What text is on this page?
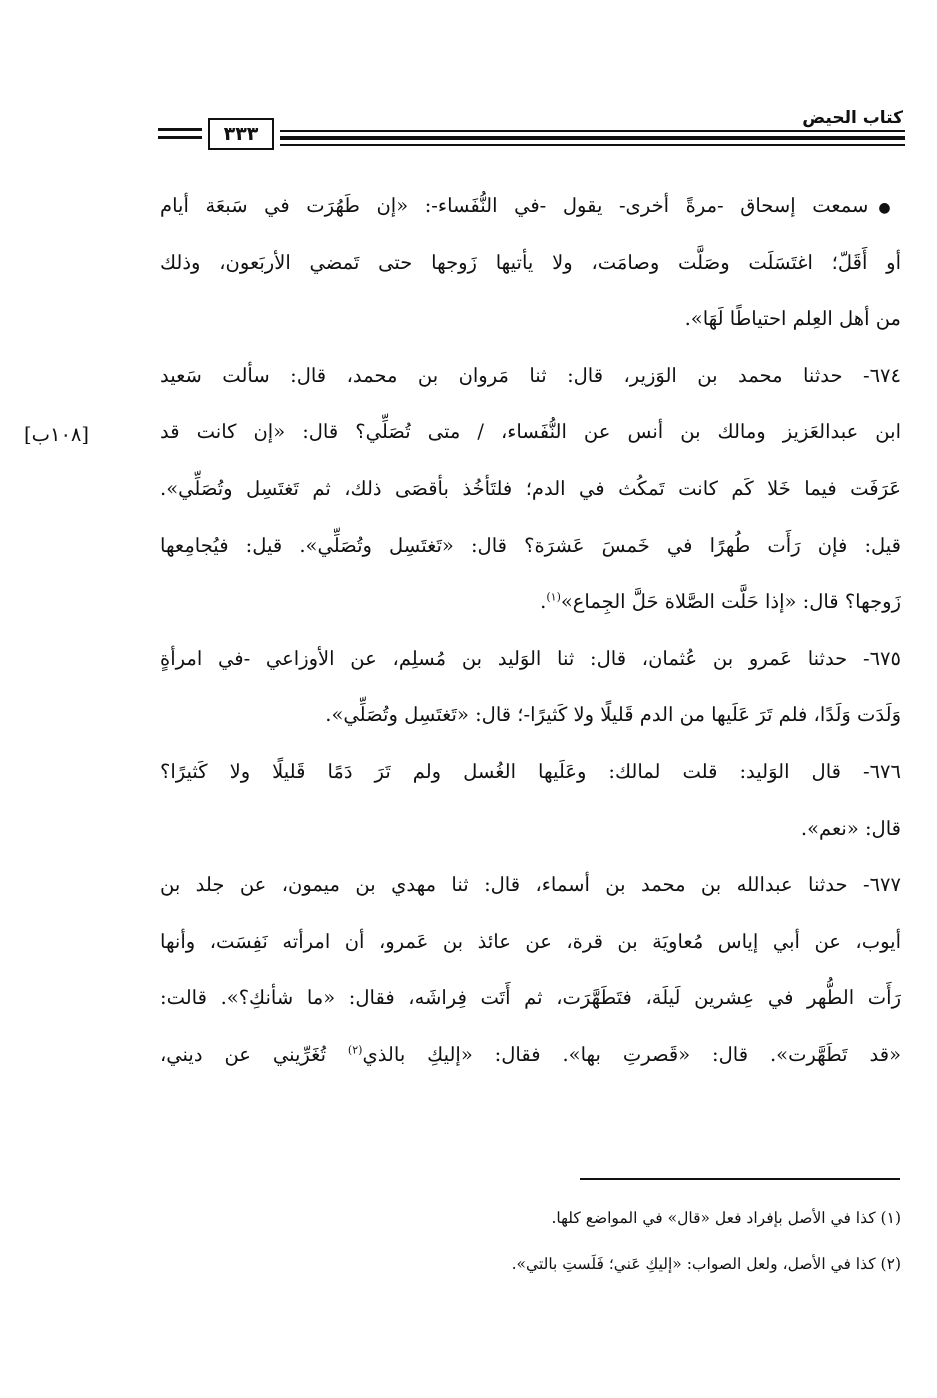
كتاب الحيض
٣٣٣
[١٠٨ب]
●سمعت إسحاق -مرةً أخرى- يقول -في النُّفَساء-: «إن طَهُرَت في سَبعَة أيام
أو أَقَلّ؛ اغتَسَلَت وصَلَّت وصامَت، ولا يأتيها زَوجها حتى تَمضي الأربَعون، وذلك
من أهل العِلم احتياطًا لَهَا».
٦٧٤- حدثنا محمد بن الوَزير، قال: ثنا مَروان بن محمد، قال: سألت سَعيد
ابن عبدالعَزيز ومالك بن أنس عن النُّفَساء، / متى تُصَلِّي؟ قال: «إن كانت قد
عَرَفَت فيما خَلا كَم كانت تَمكُث في الدم؛ فلتَأخُذ بأقصَى ذلك، ثم تَغتَسِل وتُصَلِّي».
قيل: فإن رَأَت طُهرًا في خَمسَ عَشرَة؟ قال: «تَغتَسِل وتُصَلِّي». قيل: فيُجامِعها
زَوجها؟ قال: «إذا حَلَّت الصَّلاة حَلَّ الجِماع»$^{(١)}$.
٦٧٥- حدثنا عَمرو بن عُثمان، قال: ثنا الوَليد بن مُسلِم، عن الأوزاعي -في امرأةٍ
وَلَدَت وَلَدًا، فلم تَرَ عَلَيها من الدم قَليلًا ولا كَثيرًا-؛ قال: «تَغتَسِل وتُصَلِّي».
٦٧٦- قال الوَليد: قلت لمالك: وعَلَيها الغُسل ولم تَرَ دَمًا قَليلًا ولا كَثيرًا؟
قال: «نعم».
٦٧٧- حدثنا عبدالله بن محمد بن أسماء، قال: ثنا مهدي بن ميمون، عن جلد بن
أيوب، عن أبي إياس مُعاويَة بن قرة، عن عائذ بن عَمرو، أن امرأته نَفِسَت، وأنها
رَأَت الطُّهر في عِشرين لَيلَة، فتَطَهَّرَت، ثم أَتَت فِراشَه، فقال: «ما شأنكِ؟». قالت:
«قد تَطَهَّرت». قال: «قَصرتِ بها». فقال: «إليكِ بالذي$^{(٢)}$ تُغَرِّيني عن ديني،
(١) كذا في الأصل بإفراد فعل «قال» في المواضع كلها.
(٢) كذا في الأصل، ولعل الصواب: «إليكِ عَني؛ فَلَستِ بالتي».
